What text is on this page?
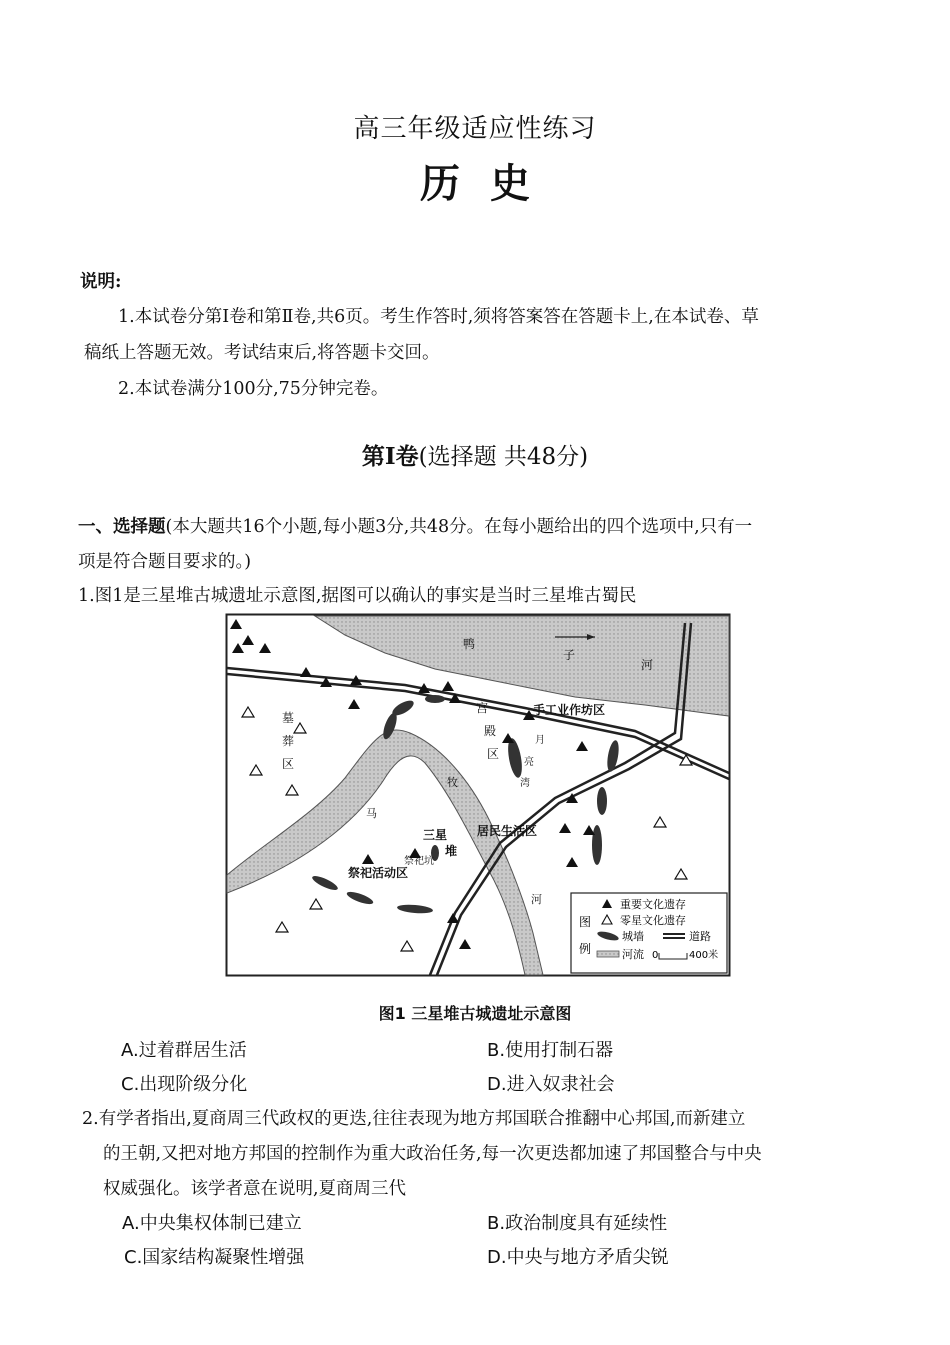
高三年级适应性练习
历史
说明:
1.本试卷分第Ⅰ卷和第Ⅱ卷,共6页。考生作答时,须将答案答在答题卡上,在本试卷、草
稿纸上答题无效。考试结束后,将答题卡交回。
2.本试卷满分100分,75分钟完卷。
第Ⅰ卷(选择题 共48分)
一、选择题(本大题共16个小题,每小题3分,共48分。在每小题给出的四个选项中,只有一
项是符合题目要求的。)
1.图1是三星堆古城遗址示意图,据图可以确认的事实是当时三星堆古蜀民
鸭
子
河
墓
葬
区
宫
殿
区
手工业作坊区
月
亮
湾
马
牧
河
居民生活区
三星
堆
祭祀坑
祭祀活动区
图
例
重要文化遗存
零星文化遗存
城墙	道路
河流 0	400米
图1 三星堆古城遗址示意图
A.过着群居生活	B.使用打制石器
C.出现阶级分化	D.进入奴隶社会
2.有学者指出,夏商周三代政权的更迭,往往表现为地方邦国联合推翻中心邦国,而新建立
的王朝,又把对地方邦国的控制作为重大政治任务,每一次更迭都加速了邦国整合与中央
权威强化。该学者意在说明,夏商周三代
A.中央集权体制已建立	B.政治制度具有延续性
C.国家结构凝聚性增强	D.中央与地方矛盾尖锐
